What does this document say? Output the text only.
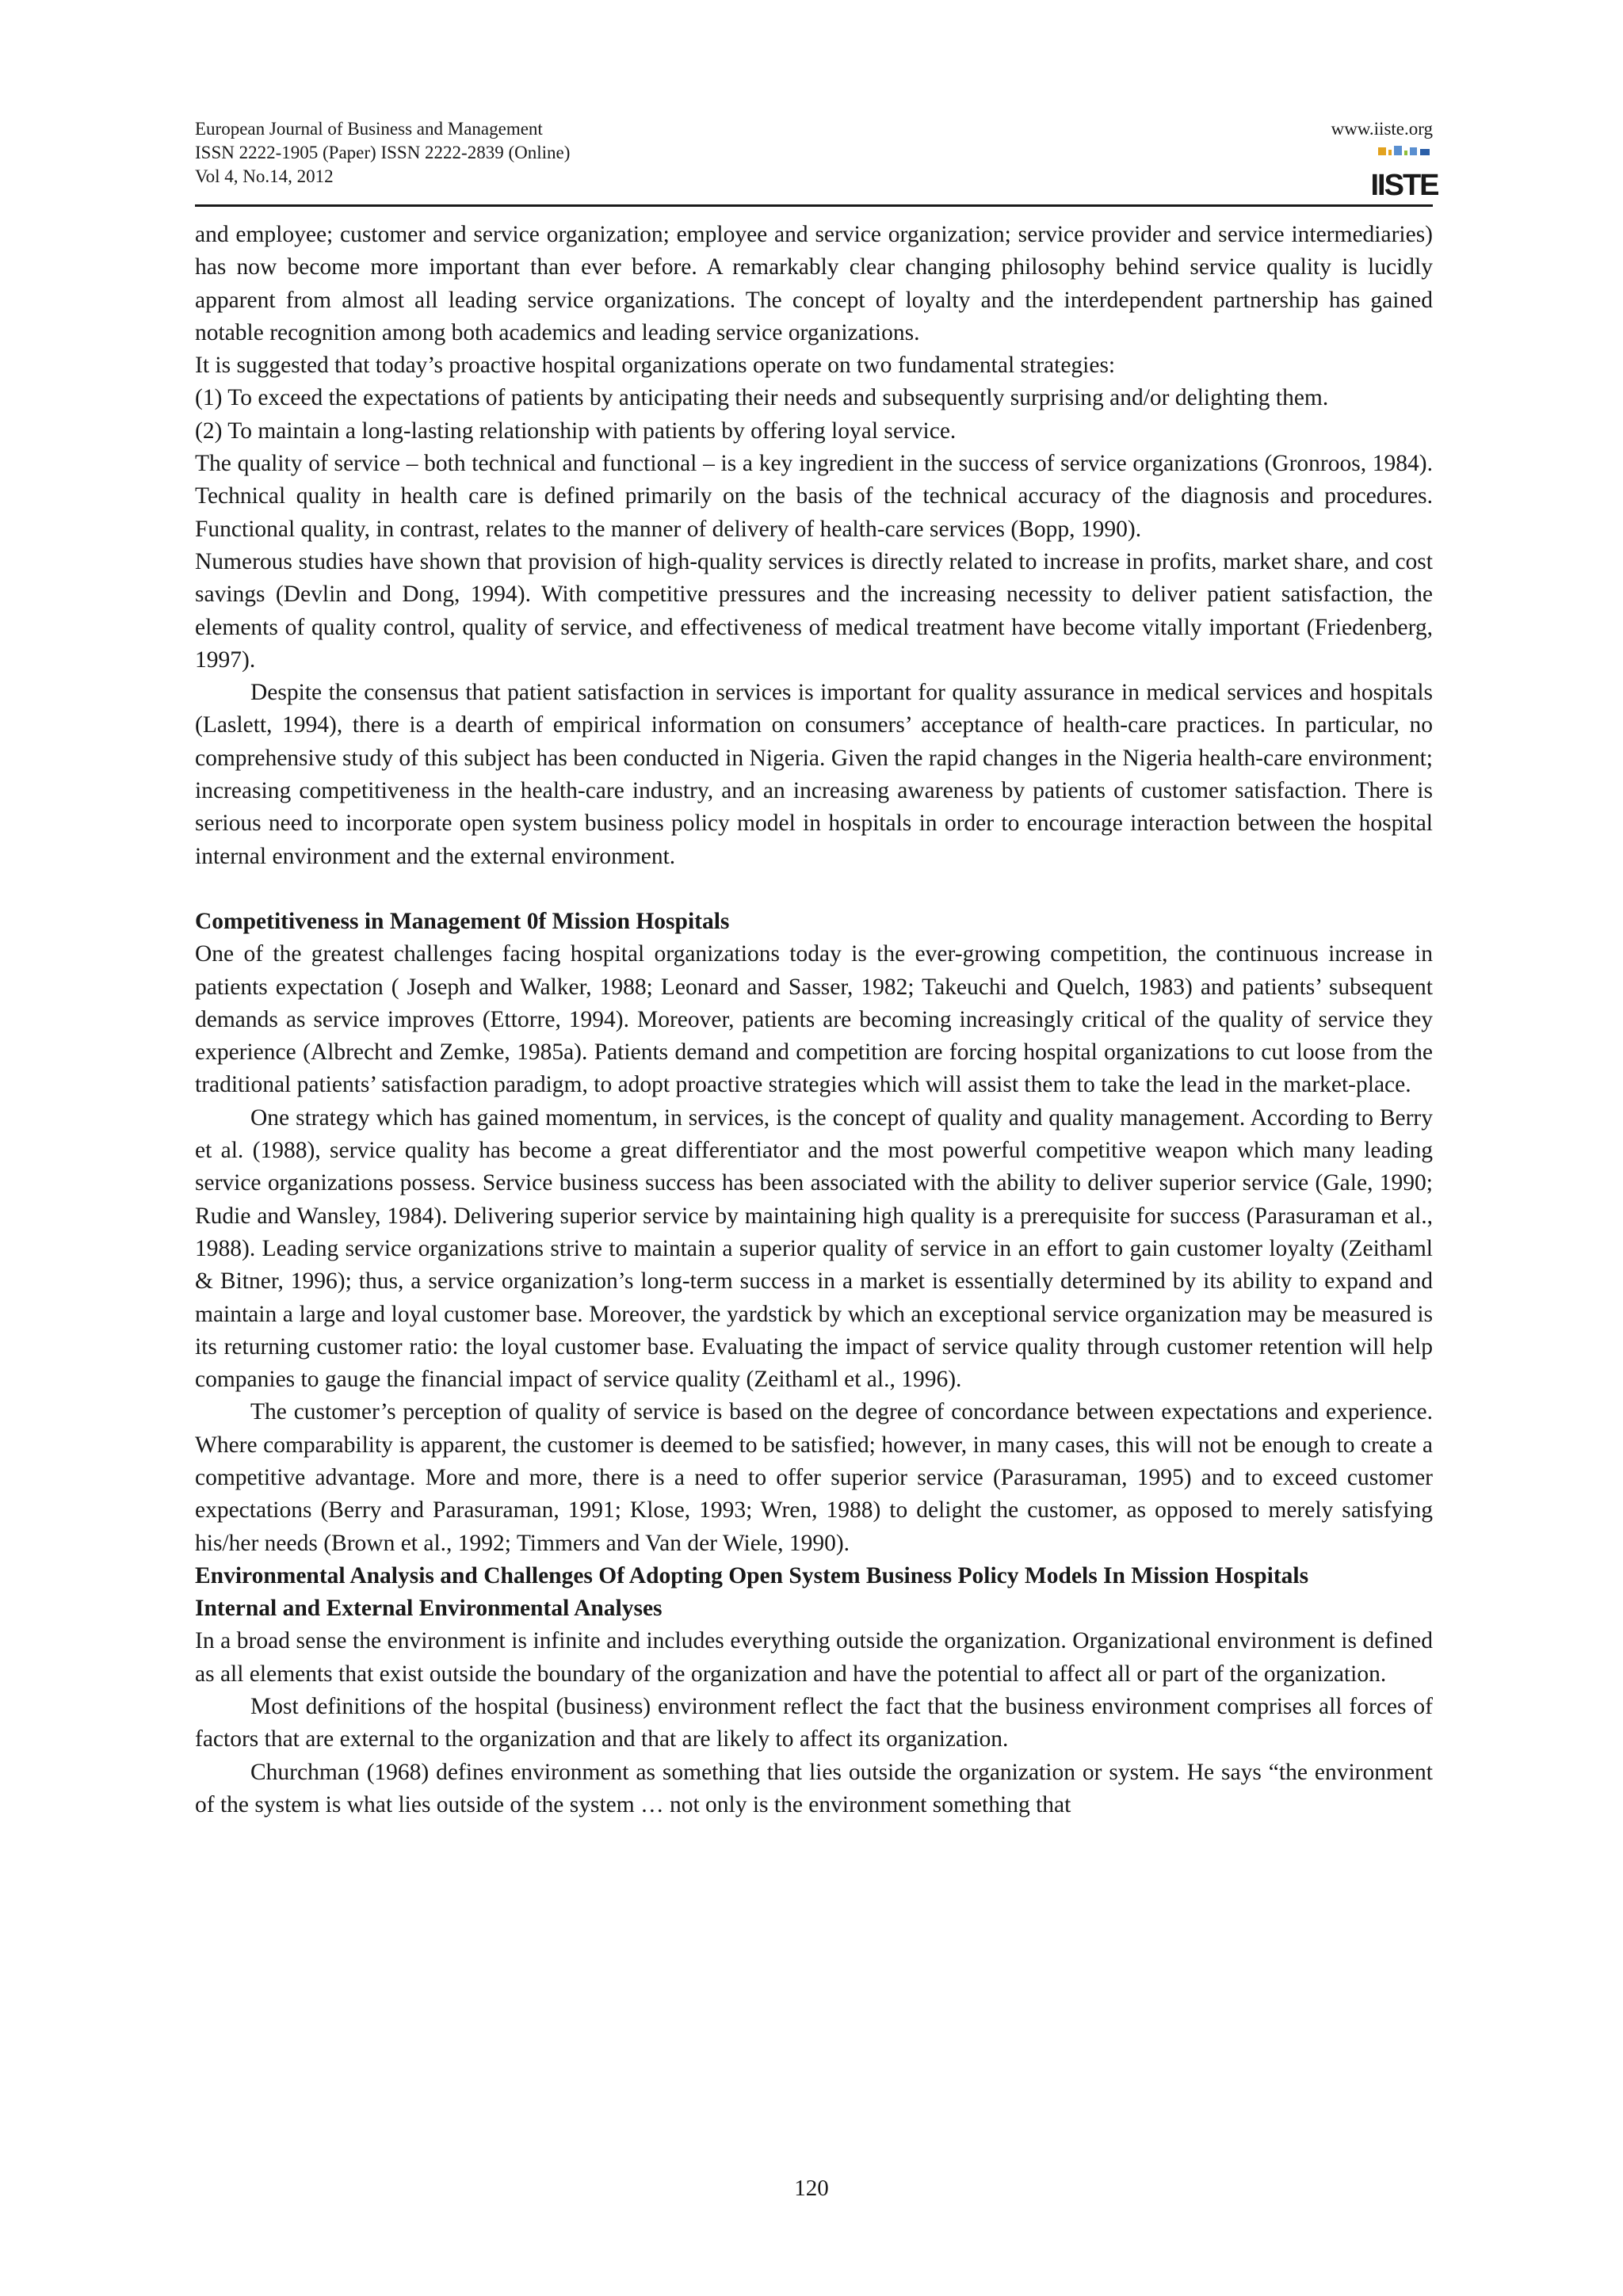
European Journal of Business and Management
ISSN 2222-1905 (Paper) ISSN 2222-2839 (Online)
Vol 4, No.14, 2012
www.iiste.org
IISTE

and employee; customer and service organization; employee and service organization; service provider and service intermediaries) has now become more important than ever before. A remarkably clear changing philosophy behind service quality is lucidly apparent from almost all leading service organizations. The concept of loyalty and the interdependent partnership has gained notable recognition among both academics and leading service organizations.

It is suggested that today’s proactive hospital organizations operate on two fundamental strategies:

(1) To exceed the expectations of patients by anticipating their needs and subsequently surprising and/or delighting them.

(2) To maintain a long-lasting relationship with patients by offering loyal service.

The quality of service – both technical and functional – is a key ingredient in the success of service organizations (Gronroos, 1984). Technical quality in health care is defined primarily on the basis of the technical accuracy of the diagnosis and procedures. Functional quality, in contrast, relates to the manner of delivery of health-care services (Bopp, 1990).

Numerous studies have shown that provision of high-quality services is directly related to increase in profits, market share, and cost savings (Devlin and Dong, 1994). With competitive pressures and the increasing necessity to deliver patient satisfaction, the elements of quality control, quality of service, and effectiveness of medical treatment have become vitally important (Friedenberg, 1997).

Despite the consensus that patient satisfaction in services is important for quality assurance in medical services and hospitals (Laslett, 1994), there is a dearth of empirical information on consumers’ acceptance of health-care practices. In particular, no comprehensive study of this subject has been conducted in Nigeria. Given the rapid changes in the Nigeria health-care environment; increasing competitiveness in the health-care industry, and an increasing awareness by patients of customer satisfaction. There is serious need to incorporate open system business policy model in hospitals in order to encourage interaction between the hospital internal environment and the external environment.

Competitiveness in Management 0f Mission Hospitals

One of the greatest challenges facing hospital organizations today is the ever-growing competition, the continuous increase in patients expectation ( Joseph and Walker, 1988; Leonard and Sasser, 1982; Takeuchi and Quelch, 1983) and patients’ subsequent demands as service improves (Ettorre, 1994). Moreover, patients are becoming increasingly critical of the quality of service they experience (Albrecht and Zemke, 1985a). Patients demand and competition are forcing hospital organizations to cut loose from the traditional patients’ satisfaction paradigm, to adopt proactive strategies which will assist them to take the lead in the market-place.

One strategy which has gained momentum, in services, is the concept of quality and quality management. According to Berry et al. (1988), service quality has become a great differentiator and the most powerful competitive weapon which many leading service organizations possess. Service business success has been associated with the ability to deliver superior service (Gale, 1990; Rudie and Wansley, 1984). Delivering superior service by maintaining high quality is a prerequisite for success (Parasuraman et al., 1988). Leading service organizations strive to maintain a superior quality of service in an effort to gain customer loyalty (Zeithaml & Bitner, 1996); thus, a service organization’s long-term success in a market is essentially determined by its ability to expand and maintain a large and loyal customer base. Moreover, the yardstick by which an exceptional service organization may be measured is its returning customer ratio: the loyal customer base. Evaluating the impact of service quality through customer retention will help companies to gauge the financial impact of service quality (Zeithaml et al., 1996).

The customer’s perception of quality of service is based on the degree of concordance between expectations and experience. Where comparability is apparent, the customer is deemed to be satisfied; however, in many cases, this will not be enough to create a competitive advantage. More and more, there is a need to offer superior service (Parasuraman, 1995) and to exceed customer expectations (Berry and Parasuraman, 1991; Klose, 1993; Wren, 1988) to delight the customer, as opposed to merely satisfying his/her needs (Brown et al., 1992; Timmers and Van der Wiele, 1990).

Environmental Analysis and Challenges Of Adopting Open System Business Policy Models In Mission Hospitals
Internal and External Environmental Analyses

In a broad sense the environment is infinite and includes everything outside the organization. Organizational environment is defined as all elements that exist outside the boundary of the organization and have the potential to affect all or part of the organization.

Most definitions of the hospital (business) environment reflect the fact that the business environment comprises all forces of factors that are external to the organization and that are likely to affect its organization.

Churchman (1968) defines environment as something that lies outside the organization or system. He says “the environment of the system is what lies outside of the system … not only is the environment something that

120
